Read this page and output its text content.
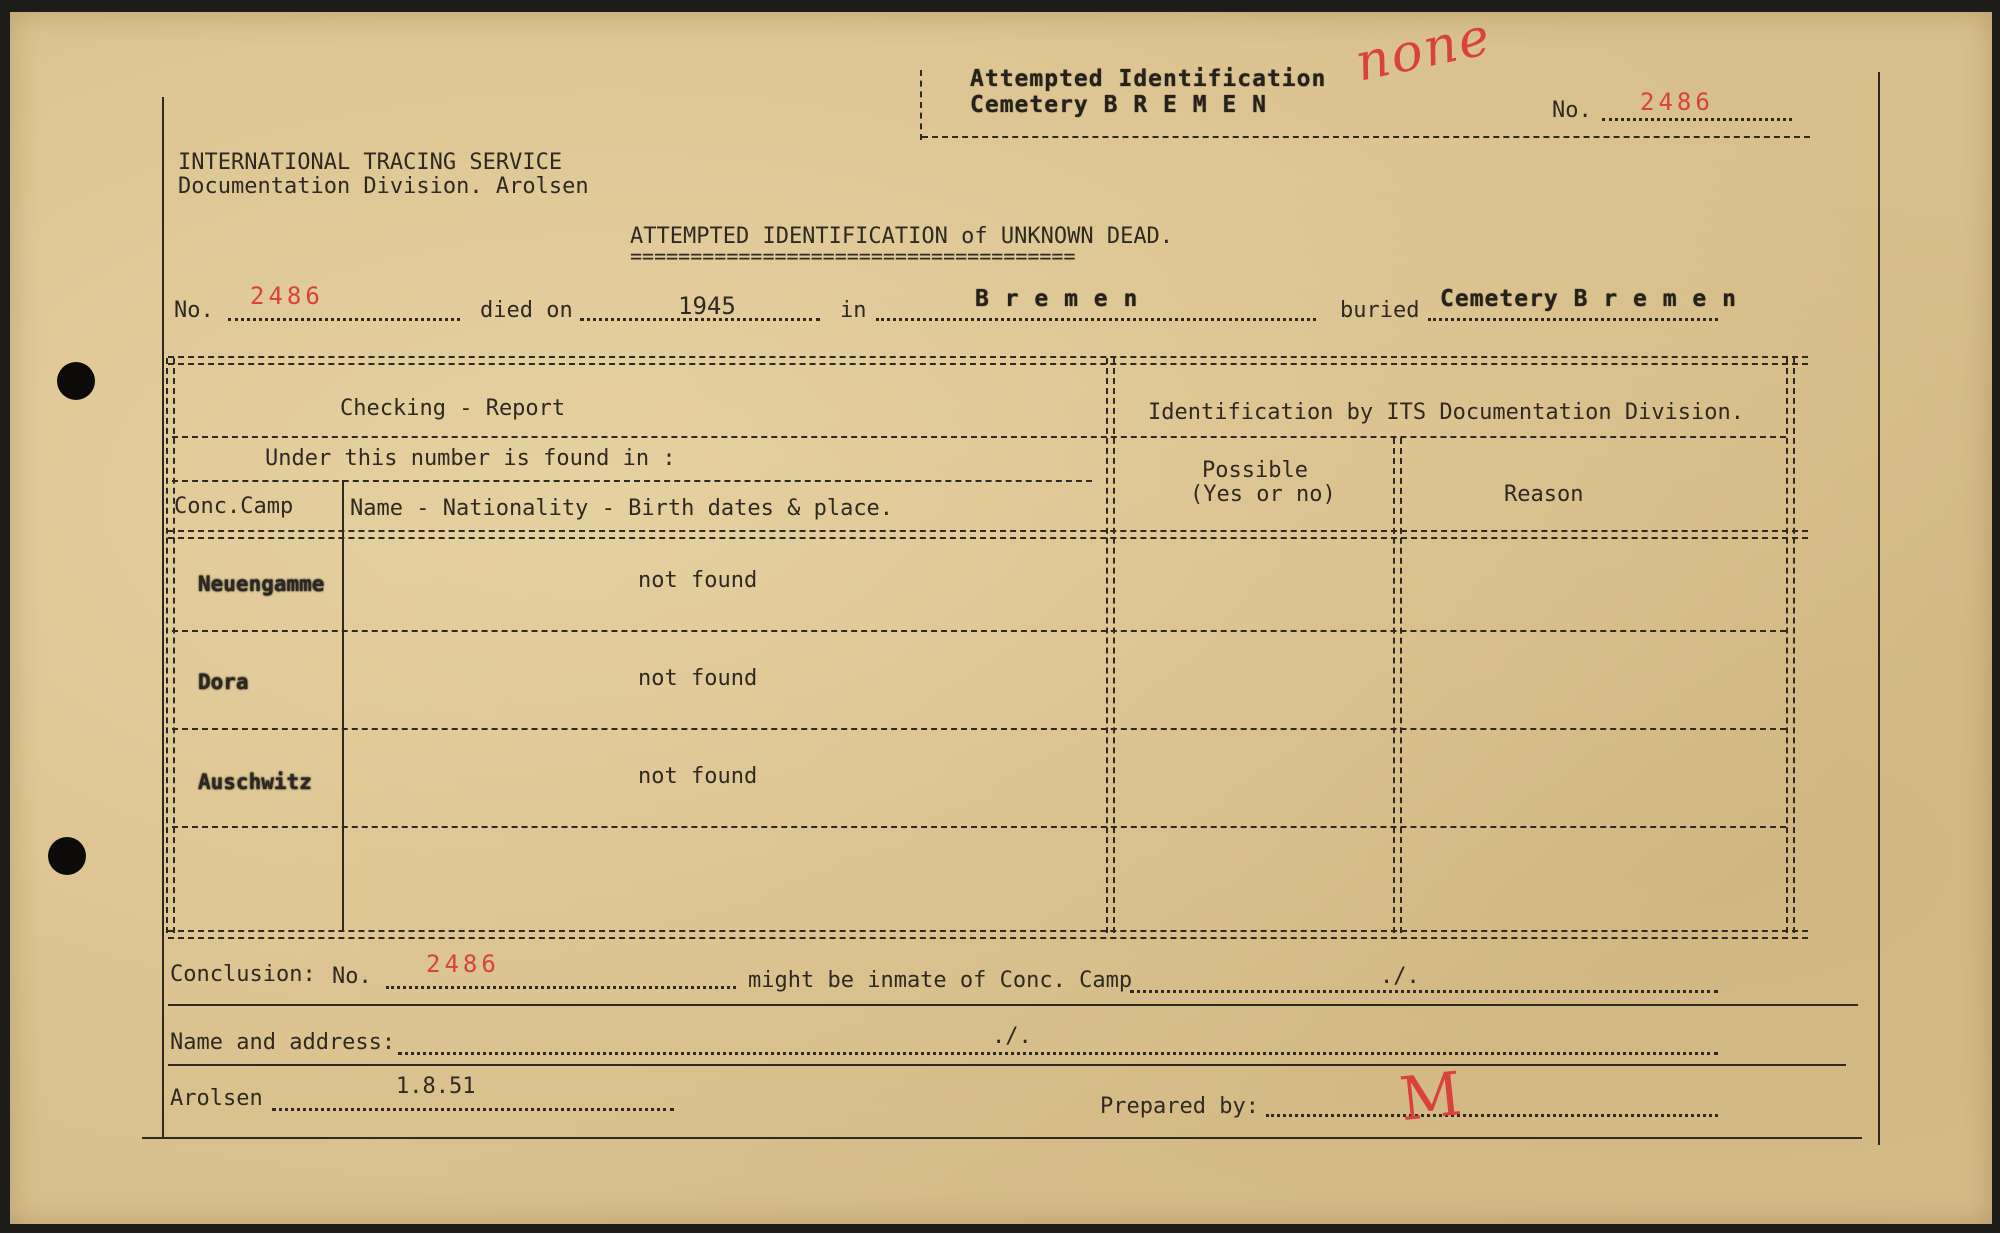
Attempted Identification
Cemetery B R E M E N
none
No. 2486
INTERNATIONAL TRACING SERVICE
Documentation Division. Arolsen
ATTEMPTED IDENTIFICATION of UNKNOWN DEAD.
=====================================
No.
2486
died on	1945	in	B r e m e n	buried Cemetery B r e m e n
Checking - Report	Identification by ITS Documentation Division.
Under this number is found in :
Conc.Camp	Name - Nationality - Birth dates & place.
Possible
(Yes or no)	Reason
Neuengamme	not found
Dora	not found
Auschwitz	not found
Conclusion: No. 2486
might be inmate of Conc. Camp	./.
Name and address:	./.
Arolsen	1.8.51
Prepared by: M
